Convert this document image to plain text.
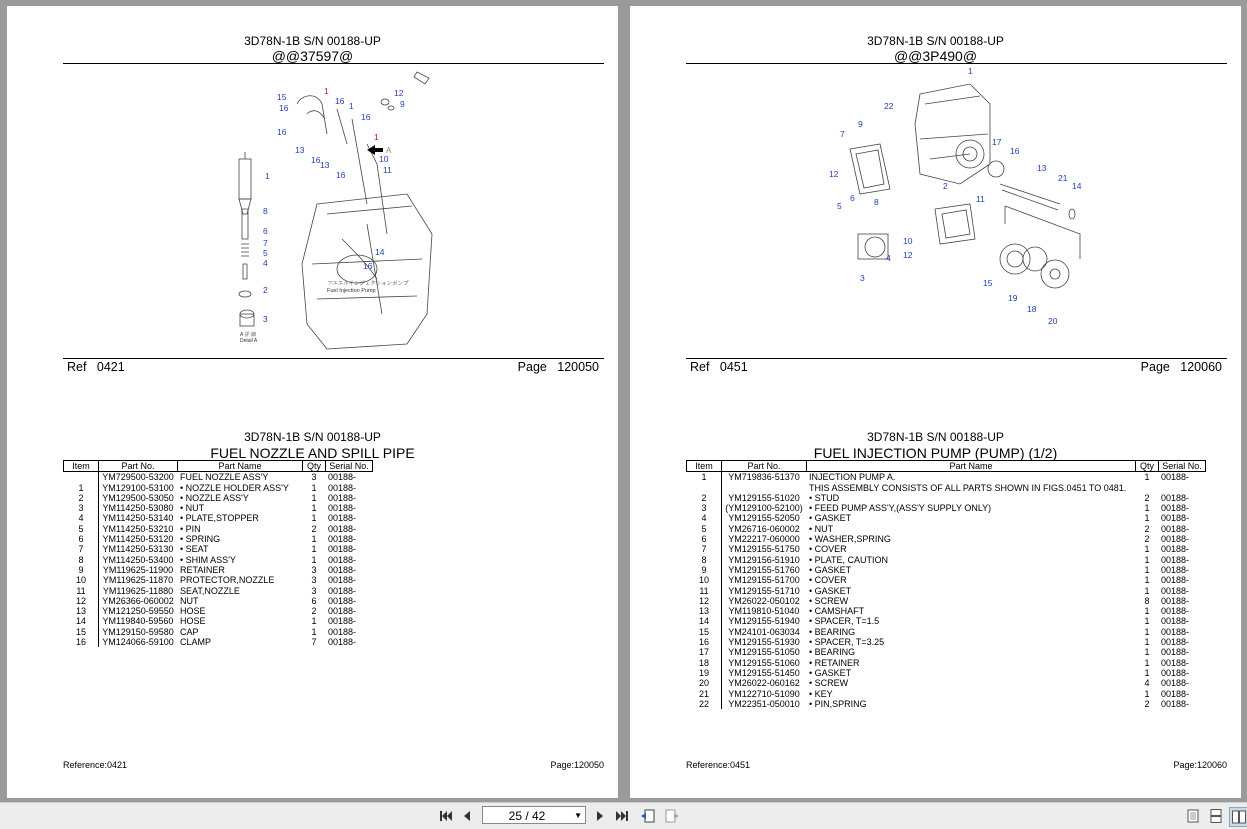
3D78N-1B S/N 00188-UP
@@37597@
15
16
16
1
16
1
12
9
16
13
16 13
1
10
11
16
1
8
6
5
7
4
2
3
14
16
A
フユエルインジェクションポンプ
Fuel Injection Pump
A 詳 細
Detail A
Ref 0421	Page 120050
3D78N-1B S/N 00188-UP
FUEL NOZZLE AND SPILL PIPE
Item	Part No.	Part Name	Qty	Serial No.
	YM729500-53200	FUEL NOZZLE ASS'Y	3	00188-
1	YM129100-53100	• NOZZLE HOLDER ASS'Y	1	00188-
2	YM129500-53050	• NOZZLE ASS'Y	1	00188-
3	YM114250-53080	• NUT	1	00188-
4	YM114250-53140	• PLATE,STOPPER	1	00188-
5	YM114250-53210	• PIN	2	00188-
6	YM114250-53120	• SPRING	1	00188-
7	YM114250-53130	• SEAT	1	00188-
8	YM114250-53400	• SHIM ASS'Y	1	00188-
9	YM119625-11900	RETAINER	3	00188-
10	YM119625-11870	PROTECTOR,NOZZLE	3	00188-
11	YM119625-11880	SEAT,NOZZLE	3	00188-
12	YM26366-060002	NUT	6	00188-
13	YM121250-59550	HOSE	2	00188-
14	YM119840-59560	HOSE	1	00188-
15	YM129150-59580	CAP	1	00188-
16	YM124066-59100	CLAMP	7	00188-
Reference:0421	Page:120050
3D78N-1B S/N 00188-UP
@@3P490@
1
22
9
7
17
16
13
21
14
12
6 8
2
5
11
10
4 12
3	15
19
18
20
Ref 0451	Page 120060
3D78N-1B S/N 00188-UP
FUEL INJECTION PUMP (PUMP) (1/2)
Item	Part No.	Part Name	Qty	Serial No.
1	YM719836-51370	INJECTION PUMP A.	1	00188-
		THIS ASSEMBLY CONSISTS OF ALL PARTS SHOWN IN FIGS.0451 TO 0481.		
2	YM129155-51020	• STUD	2	00188-
3	(YM129100-52100)	• FEED PUMP ASS'Y,(ASS'Y SUPPLY ONLY)	1	00188-
4	YM129155-52050	• GASKET	1	00188-
5	YM26716-060002	• NUT	2	00188-
6	YM22217-060000	• WASHER,SPRING	2	00188-
7	YM129155-51750	• COVER	1	00188-
8	YM129156-51910	• PLATE, CAUTION	1	00188-
9	YM129155-51760	• GASKET	1	00188-
10	YM129155-51700	• COVER	1	00188-
11	YM129155-51710	• GASKET	1	00188-
12	YM26022-050102	• SCREW	8	00188-
13	YM119810-51040	• CAMSHAFT	1	00188-
14	YM129155-51940	• SPACER, T=1.5	1	00188-
15	YM24101-063034	• BEARING	1	00188-
16	YM129155-51930	• SPACER, T=3.25	1	00188-
17	YM129155-51050	• BEARING	1	00188-
18	YM129155-51060	• RETAINER	1	00188-
19	YM129155-51450	• GASKET	1	00188-
20	YM26022-060162	• SCREW	4	00188-
21	YM122710-51090	• KEY	1	00188-
22	YM22351-050010	• PIN,SPRING	2	00188-
Reference:0451	Page:120060
25 / 42	▼
